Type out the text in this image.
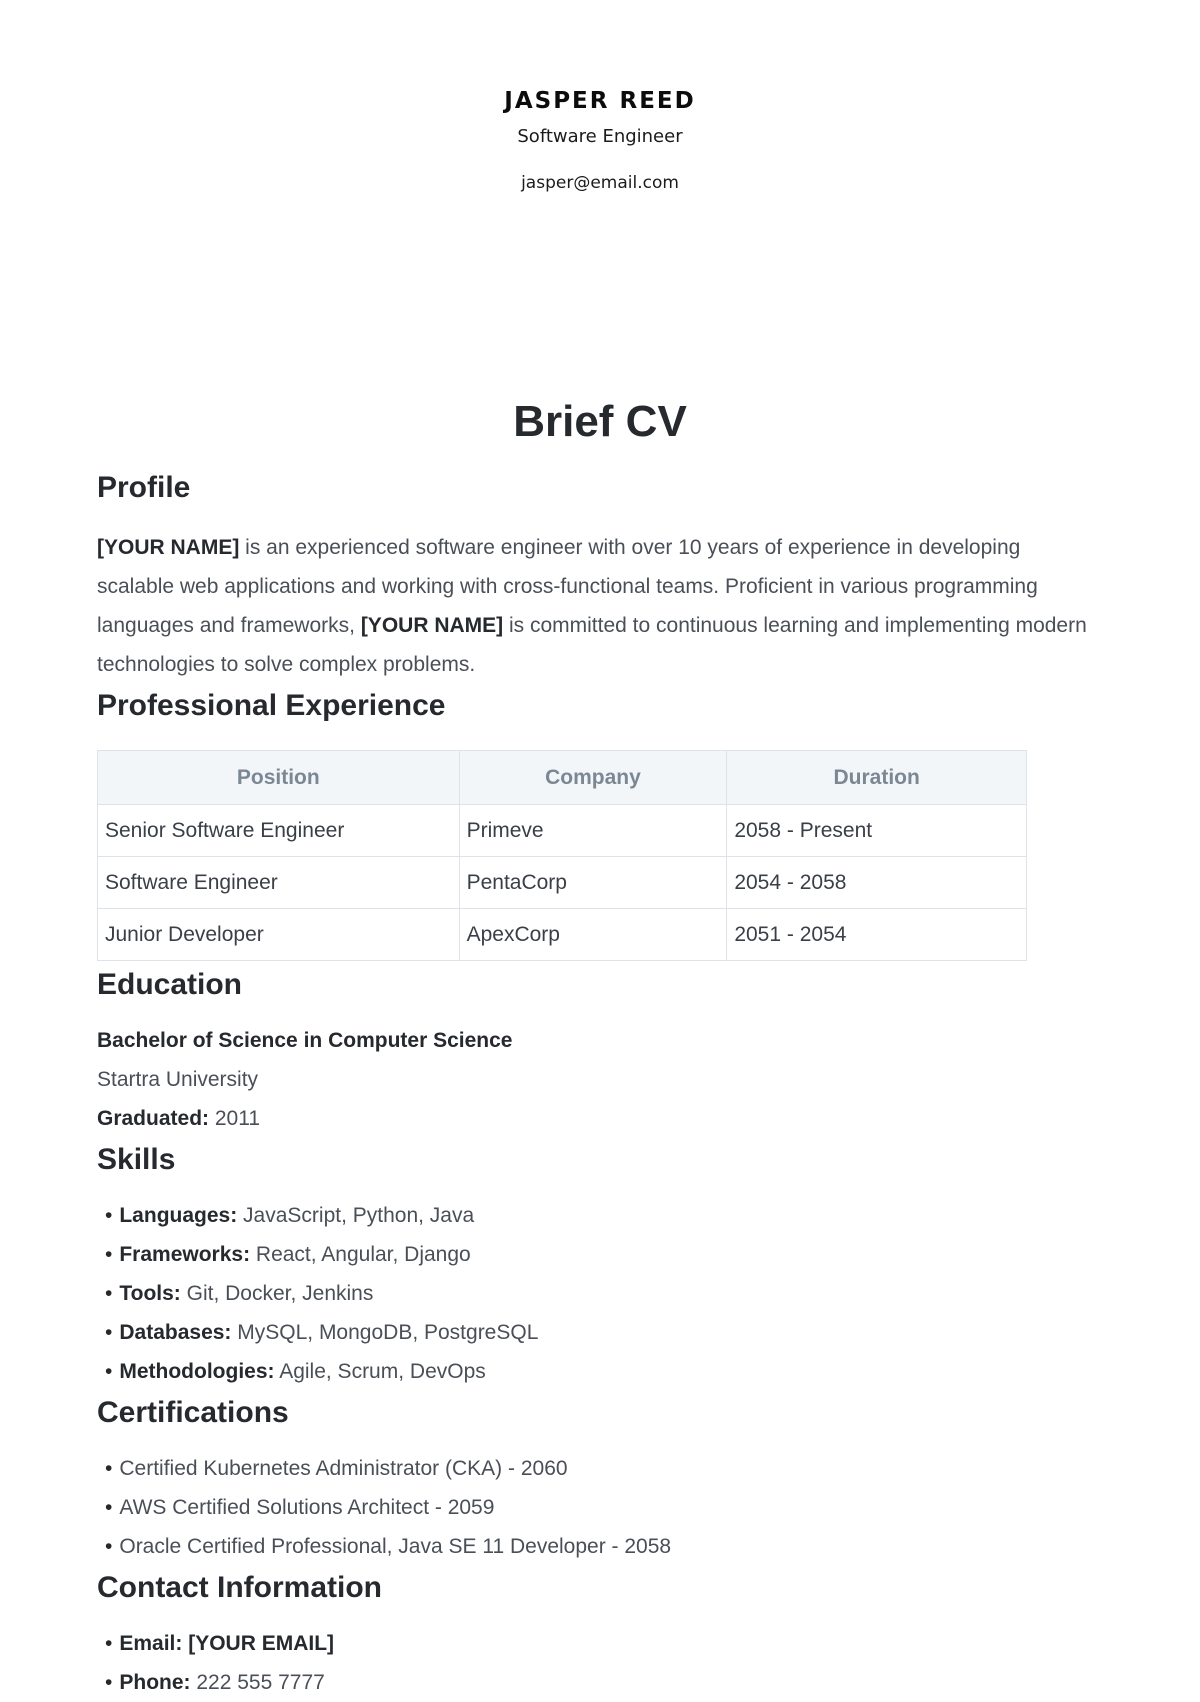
JASPER REED
Software Engineer
jasper@email.com
Brief CV
Profile

[YOUR NAME] is an experienced software engineer with over 10 years of experience in developing scalable web applications and working with cross-functional teams. Proficient in various programming languages and frameworks, [YOUR NAME] is committed to continuous learning and implementing modern technologies to solve complex problems.

Professional Experience
Position	Company	Duration
Senior Software Engineer	Primeve	2058 - Present
Software Engineer	PentaCorp	2054 - 2058
Junior Developer	ApexCorp	2051 - 2054
Education
Bachelor of Science in Computer Science
Startra University
Graduated: 2011
Skills
• Languages: JavaScript, Python, Java
• Frameworks: React, Angular, Django
• Tools: Git, Docker, Jenkins
• Databases: MySQL, MongoDB, PostgreSQL
• Methodologies: Agile, Scrum, DevOps
Certifications
• Certified Kubernetes Administrator (CKA) - 2060
• AWS Certified Solutions Architect - 2059
• Oracle Certified Professional, Java SE 11 Developer - 2058
Contact Information
• Email: [YOUR EMAIL]
• Phone: 222 555 7777
